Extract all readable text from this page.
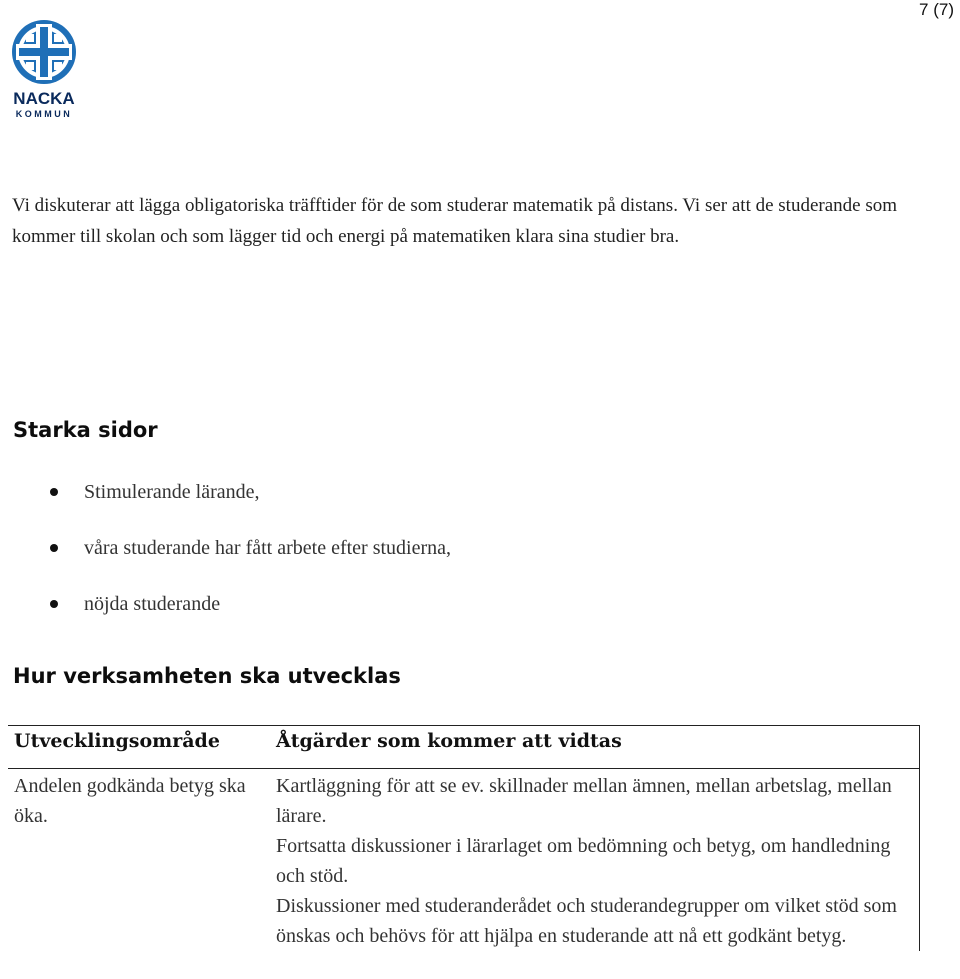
7 (7)
NACKA
KOMMUN

Vi diskuterar att lägga obligatoriska träfftider för de som studerar matematik på distans. Vi ser att de studerande som kommer till skolan och som lägger tid och energi på matematiken klara sina studier bra.

Starka sidor
Stimulerande lärande,
våra studerande har fått arbete efter studierna,
nöjda studerande
Hur verksamheten ska utvecklas
Utvecklingsområde	Åtgärder som kommer att vidtas
Andelen godkända betyg ska öka.	Kartläggning för att se ev. skillnader mellan ämnen, mellan arbetslag, mellan lärare.
Fortsatta diskussioner i lärarlaget om bedömning och betyg, om handledning och stöd.
Diskussioner med studeranderådet och studerandegrupper om vilket stöd som önskas och behövs för att hjälpa en studerande att nå ett godkänt betyg.
